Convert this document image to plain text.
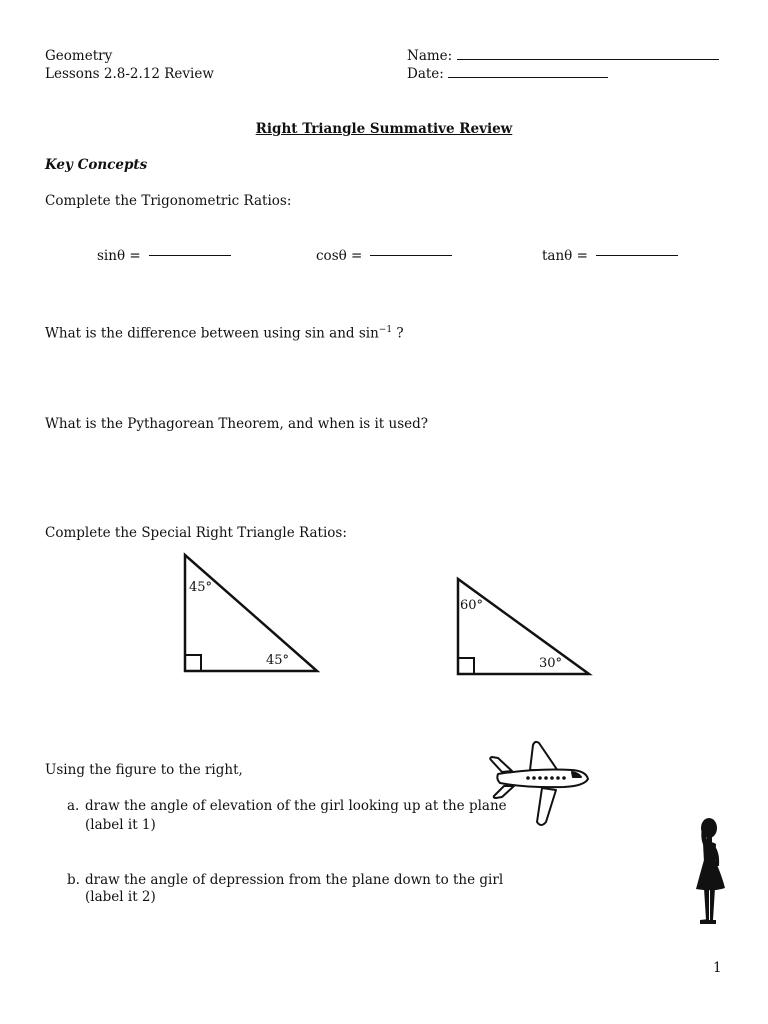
Geometry
Lessons 2.8-2.12 Review
Name:
Date:
Right Triangle Summative Review
Key Concepts
Complete the Trigonometric Ratios:
sinθ =	cosθ =	tanθ =
What is the difference between using sin and $\sin^{-1}$ ?
What is the Pythagorean Theorem, and when is it used?
Complete the Special Right Triangle Ratios:
45°
45°
60°
30°
Using the figure to the right,
a. draw the angle of elevation of the girl looking up at the plane
(label it 1)
b. draw the angle of depression from the plane down to the girl
(label it 2)
1
